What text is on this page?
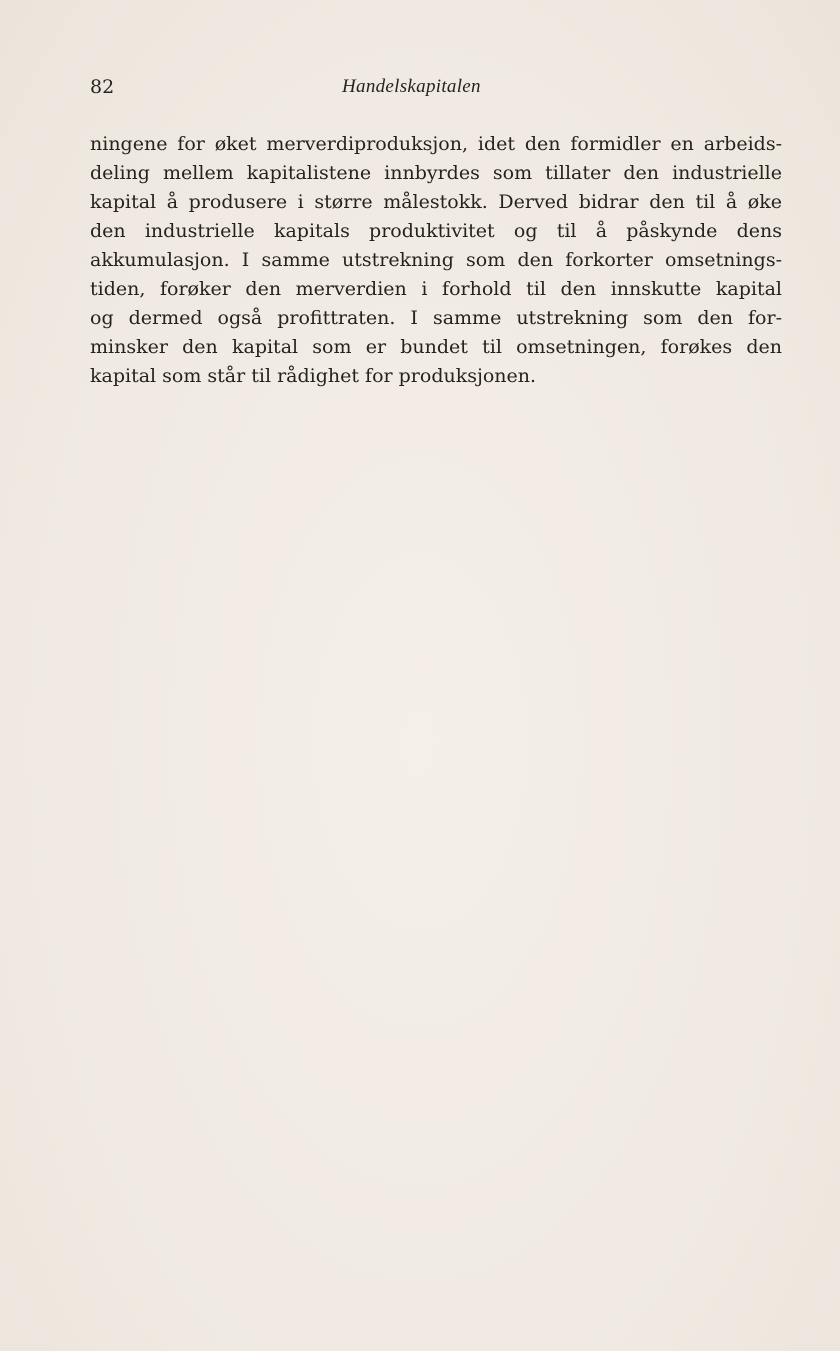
82	Handelskapitalen

ningene for øket merverdiproduksjon, idet den formidler en arbeids-
deling mellem kapitalistene innbyrdes som tillater den industrielle
kapital å produsere i større målestokk. Derved bidrar den til å øke
den industrielle kapitals produktivitet og til å påskynde dens
akkumulasjon. I samme utstrekning som den forkorter omsetnings-
tiden, forøker den merverdien i forhold til den innskutte kapital
og dermed også profittraten. I samme utstrekning som den for-
minsker den kapital som er bundet til omsetningen, forøkes den
kapital som står til rådighet for produksjonen.
